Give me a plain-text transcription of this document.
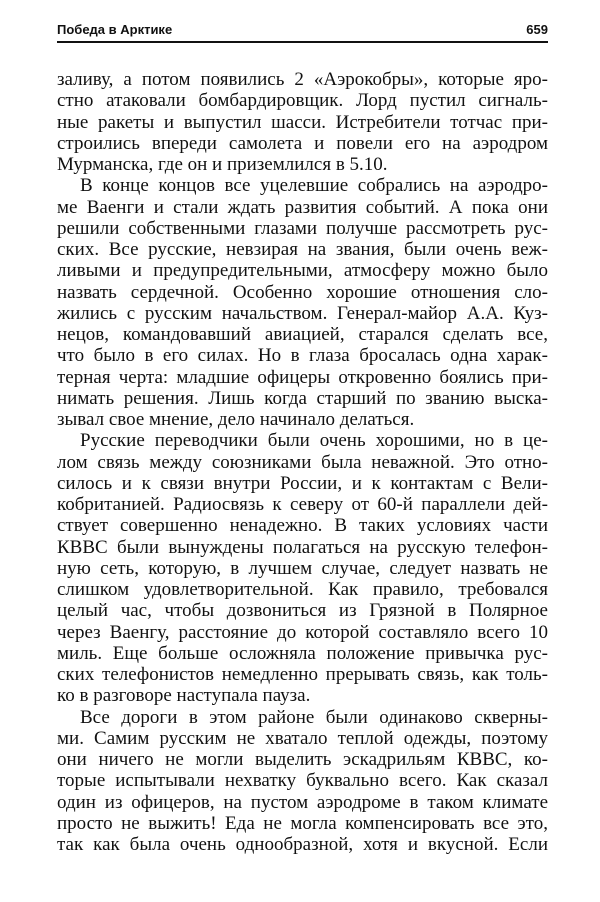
Победа в Арктике	659
заливу, а потом появились 2 «Аэрокобры», которые яро-
стно атаковали бомбардировщик. Лорд пустил сигналь-
ные ракеты и выпустил шасси. Истребители тотчас при-
строились впереди самолета и повели его на аэродром
Мурманска, где он и приземлился в 5.10.
В конце концов все уцелевшие собрались на аэродро-
ме Ваенги и стали ждать развития событий. А пока они
решили собственными глазами получше рассмотреть рус-
ских. Все русские, невзирая на звания, были очень веж-
ливыми и предупредительными, атмосферу можно было
назвать сердечной. Особенно хорошие отношения сло-
жились с русским начальством. Генерал-майор А.А. Куз-
нецов, командовавший авиацией, старался сделать все,
что было в его силах. Но в глаза бросалась одна харак-
терная черта: младшие офицеры откровенно боялись при-
нимать решения. Лишь когда старший по званию выска-
зывал свое мнение, дело начинало делаться.
Русские переводчики были очень хорошими, но в це-
лом связь между союзниками была неважной. Это отно-
силось и к связи внутри России, и к контактам с Вели-
кобританией. Радиосвязь к северу от 60-й параллели дей-
ствует совершенно ненадежно. В таких условиях части
КВВС были вынуждены полагаться на русскую телефон-
ную сеть, которую, в лучшем случае, следует назвать не
слишком удовлетворительной. Как правило, требовался
целый час, чтобы дозвониться из Грязной в Полярное
через Ваенгу, расстояние до которой составляло всего 10
миль. Еще больше осложняла положение привычка рус-
ских телефонистов немедленно прерывать связь, как толь-
ко в разговоре наступала пауза.
Все дороги в этом районе были одинаково скверны-
ми. Самим русским не хватало теплой одежды, поэтому
они ничего не могли выделить эскадрильям КВВС, ко-
торые испытывали нехватку буквально всего. Как сказал
один из офицеров, на пустом аэродроме в таком климате
просто не выжить! Еда не могла компенсировать все это,
так как была очень однообразной, хотя и вкусной. Если
